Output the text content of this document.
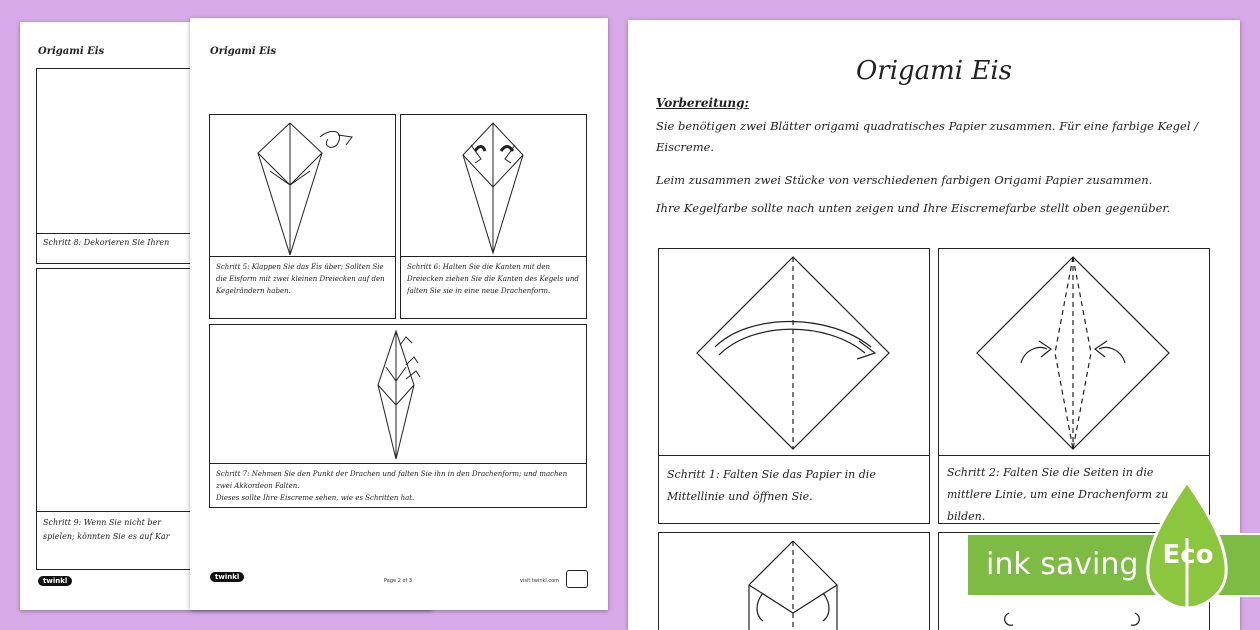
Origami Eis
Schritt 8: Dekorieren Sie Ihren
Schritt 9: Wenn Sie nicht ber
spielen; könnten Sie es auf Kar
twinkl
Origami Eis
Schritt 5: Klappen Sie das Eis über; Sollten Sie die Eisform mit zwei kleinen Dreiecken auf den Kegelrändern haben.
Schritt 6: Halten Sie die Kanten mit den Dreiecken ziehen Sie die Kanten des Kegels und falten Sie sie in eine neue Drachenform.
Schritt 7: Nehmen Sie den Punkt der Drachen und falten Sie ihn in den Drachenform; und machen zwei Akkordeon Falten.
Dieses sollte Ihre Eiscreme sehen, wie es Schritten hat.
twinkl	Page 2 of 3	visit twinkl.com
Origami Eis
Vorbereitung:
Sie benötigen zwei Blätter origami quadratisches Papier zusammen. Für eine farbige Kegel / Eiscreme.
Leim zusammen zwei Stücke von verschiedenen farbigen Origami Papier zusammen.
Ihre Kegelfarbe sollte nach unten zeigen und Ihre Eiscremefarbe stellt oben gegenüber.
Schritt 1: Falten Sie das Papier in die Mittellinie und öffnen Sie.
Schritt 2: Falten Sie die Seiten in die mittlere Linie, um eine Drachenform zu bilden.
ink saving Eco
